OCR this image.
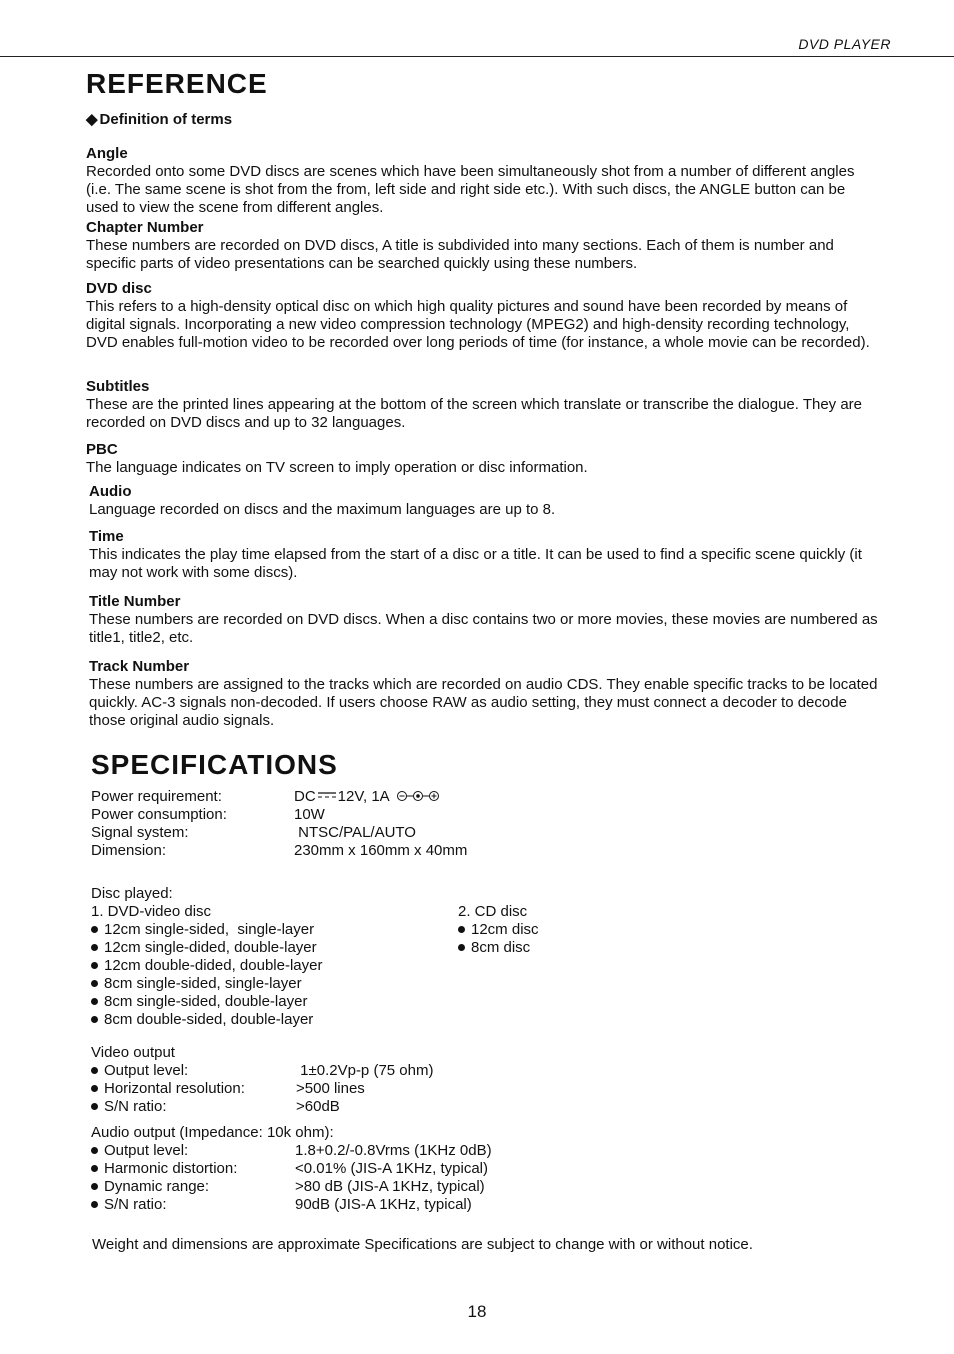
DVD PLAYER
REFERENCE
◆ Definition of terms
Angle
Recorded onto some DVD discs are scenes which have been simultaneously shot from a number of different angles (i.e. The same scene is shot from the from, left side and right side etc.). With such discs, the ANGLE button can be used to view the scene from different angles.
Chapter Number
These numbers are recorded on DVD discs, A title is subdivided into many sections. Each of them is number and specific parts of video presentations can be searched quickly using these numbers.
DVD disc
This refers to a high-density optical disc on which high quality pictures and sound have been recorded by means of digital signals. Incorporating a new video compression technology (MPEG2) and high-density recording technology, DVD enables full-motion video to be recorded over long periods of time (for instance, a whole movie can be recorded).
Subtitles
These are the printed lines appearing at the bottom of the screen which translate or transcribe the dialogue. They are recorded on DVD discs and up to 32 languages.
PBC
The language indicates on TV screen to imply operation or disc information.
Audio
Language recorded on discs and the maximum languages are up to 8.
Time
This indicates the play time elapsed from the start of a disc or a title. It can be used to find a specific scene quickly (it may not work with some discs).
Title Number
These numbers are recorded on DVD discs. When a disc contains two or more movies, these movies are numbered as title1, title2, etc.
Track Number
These numbers are assigned to the tracks which are recorded on audio CDS. They enable specific tracks to be located quickly. AC-3 signals non-decoded. If users choose RAW as audio setting, they must connect a decoder to decode those original audio signals.
SPECIFICATIONS
Power requirement:	DC 12V, 1A
Power consumption:	10W
Signal system:	NTSC/PAL/AUTO
Dimension:	230mm x 160mm x 40mm
Disc played:
1. DVD-video disc
12cm single-sided,  single-layer
12cm single-dided, double-layer
12cm double-dided, double-layer
8cm single-sided, single-layer
8cm single-sided, double-layer
8cm double-sided, double-layer
2. CD disc
12cm disc
8cm disc
Video output
Output level:	1±0.2Vp-p (75 ohm)
Horizontal resolution:	>500 lines
S/N ratio:	>60dB
Audio output (Impedance: 10k ohm):
Output level:	1.8+0.2/-0.8Vrms (1KHz 0dB)
Harmonic distortion:	<0.01% (JIS-A 1KHz, typical)
Dynamic range:	>80 dB (JIS-A 1KHz, typical)
S/N ratio:	90dB (JIS-A 1KHz, typical)
Weight and dimensions are approximate Specifications are subject to change with or without notice.
18
